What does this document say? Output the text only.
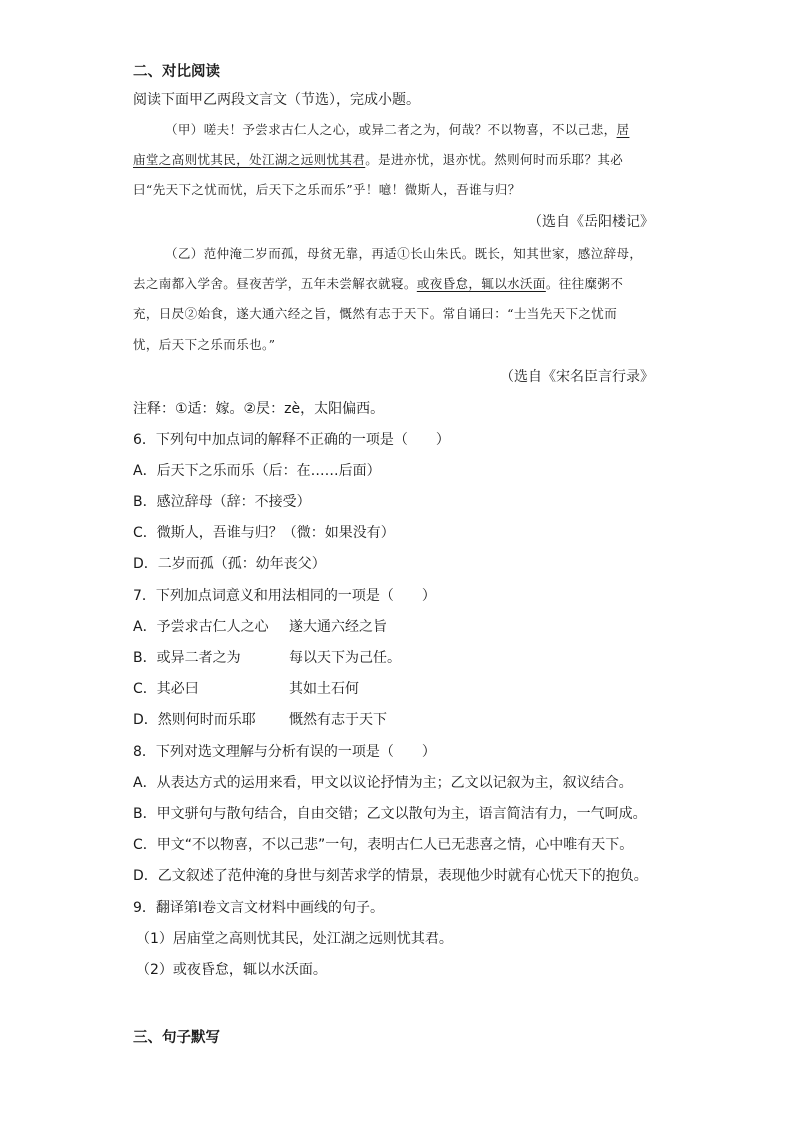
二、对比阅读
阅读下面甲乙两段文言文（节选），完成小题。
（甲）嗟夫！予尝求古仁人之心，或异二者之为，何哉？不以物喜，不以己悲，居
庙堂之高则忧其民，处江湖之远则忧其君。是进亦忧，退亦忧。然则何时而乐耶？其必
曰“先天下之忧而忧，后天下之乐而乐”乎！噫！微斯人，吾谁与归？
（选自《岳阳楼记》
（乙）范仲淹二岁而孤，母贫无靠，再适①长山朱氏。既长，知其世家，感泣辞母，
去之南都入学舍。昼夜苦学，五年未尝解衣就寝。或夜昏怠，辄以水沃面。往往糜粥不
充，日昃②始食，遂大通六经之旨，慨然有志于天下。常自诵曰：“士当先天下之忧而
忧，后天下之乐而乐也。”
（选自《宋名臣言行录》
注释：①适：嫁。②昃：zè，太阳偏西。
6．下列句中加点词的解释不正确的一项是（　　）
A．后天下之乐而乐（后：在……后面）
B．感泣辞母（辞：不接受）
C．微斯人，吾谁与归？（微：如果没有）
D．二岁而孤（孤：幼年丧父）
7．下列加点词意义和用法相同的一项是（　　）
A．予尝求古仁人之心 遂大通六经之旨
B．或异二者之为	每以天下为己任。
C．其必曰	其如土石何
D．然则何时而乐耶 慨然有志于天下
8．下列对选文理解与分析有误的一项是（　　）
A．从表达方式的运用来看，甲文以议论抒情为主；乙文以记叙为主，叙议结合。
B．甲文骈句与散句结合，自由交错；乙文以散句为主，语言简洁有力，一气呵成。
C．甲文“不以物喜，不以己悲”一句，表明古仁人已无悲喜之情，心中唯有天下。
D．乙文叙述了范仲淹的身世与刻苦求学的情景，表现他少时就有心忧天下的抱负。
9．翻译第Ⅰ卷文言文材料中画线的句子。
（1）居庙堂之高则忧其民，处江湖之远则忧其君。
（2）或夜昏怠，辄以水沃面。
三、句子默写
